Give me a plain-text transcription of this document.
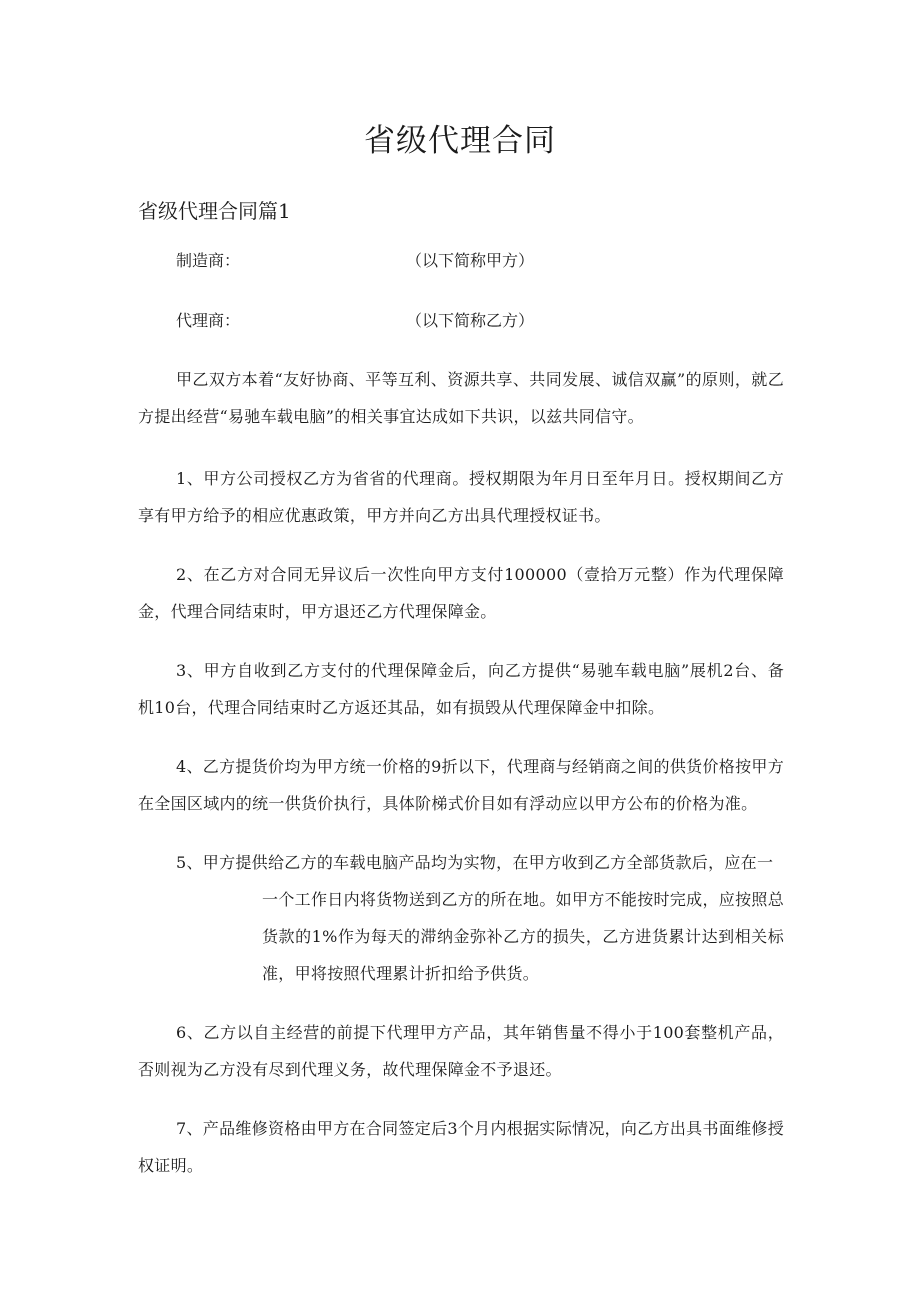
省级代理合同
省级代理合同篇1
制造商：	（以下简称甲方）
代理商：	（以下简称乙方）

甲乙双方本着“友好协商、平等互利、资源共享、共同发展、诚信双赢”的原则，就乙方提出经营“易驰车载电脑”的相关事宜达成如下共识，以兹共同信守。

1、甲方公司授权乙方为省省的代理商。授权期限为年月日至年月日。授权期间乙方享有甲方给予的相应优惠政策，甲方并向乙方出具代理授权证书。

2、在乙方对合同无异议后一次性向甲方支付100000（壹拾万元整）作为代理保障金，代理合同结束时，甲方退还乙方代理保障金。

3、甲方自收到乙方支付的代理保障金后，向乙方提供“易驰车载电脑”展机2台、备机10台，代理合同结束时乙方返还其品，如有损毁从代理保障金中扣除。

4、乙方提货价均为甲方统一价格的9折以下，代理商与经销商之间的供货价格按甲方在全国区域内的统一供货价执行，具体阶梯式价目如有浮动应以甲方公布的价格为准。

5、甲方提供给乙方的车载电脑产品均为实物，在甲方收到乙方全部货款后，应在一
一个工作日内将货物送到乙方的所在地。如甲方不能按时完成，应按照总货款的1%作为每天的滞纳金弥补乙方的损失，乙方进货累计达到相关标准，甲将按照代理累计折扣给予供货。

6、乙方以自主经营的前提下代理甲方产品，其年销售量不得小于100套整机产品，否则视为乙方没有尽到代理义务，故代理保障金不予退还。

7、产品维修资格由甲方在合同签定后3个月内根据实际情况，向乙方出具书面维修授权证明。
